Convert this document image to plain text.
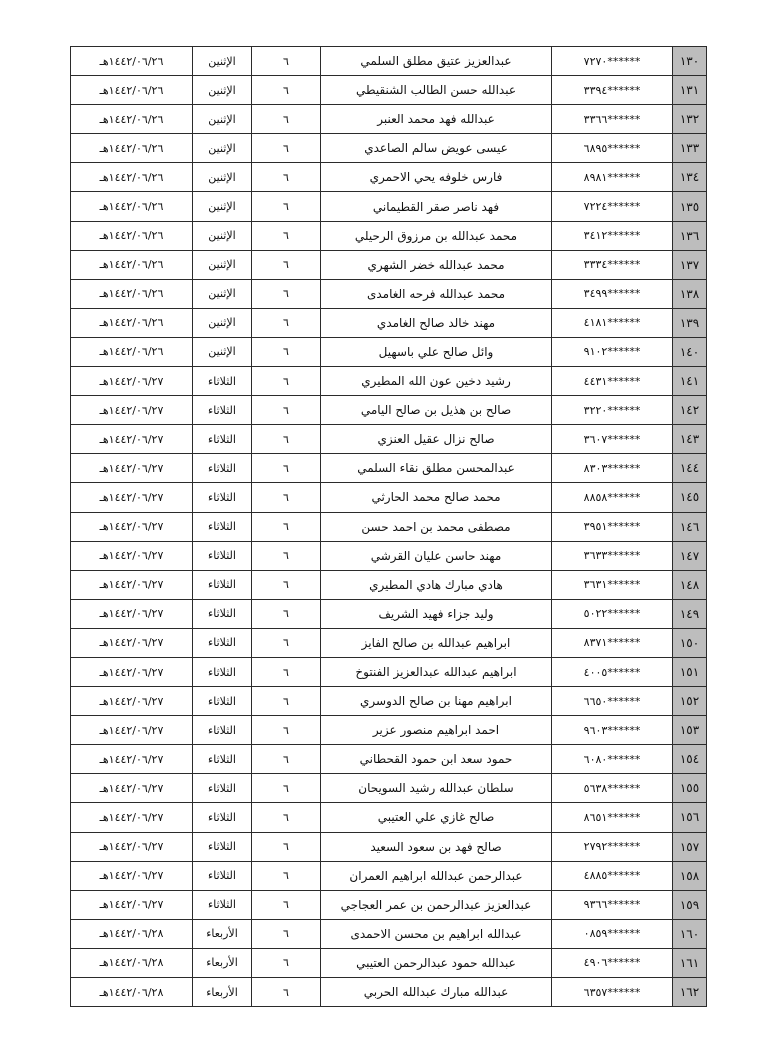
١٣٠	******٧٢٧٠	عبدالعزيز عتيق مطلق السلمي	٦	الإثنين	١٤٤٢/٠٦/٢٦هـ
١٣١	******٣٣٩٤	عبدالله حسن الطالب الشنقيطي	٦	الإثنين	١٤٤٢/٠٦/٢٦هـ
١٣٢	******٣٣٦٦	عبدالله فهد محمد العنبر	٦	الإثنين	١٤٤٢/٠٦/٢٦هـ
١٣٣	******٦٨٩٥	عيسى عويض سالم الصاعدي	٦	الإثنين	١٤٤٢/٠٦/٢٦هـ
١٣٤	******٨٩٨١	فارس خلوفه يحي الاحمري	٦	الإثنين	١٤٤٢/٠٦/٢٦هـ
١٣٥	******٧٢٢٤	فهد ناصر صقر القطيماني	٦	الإثنين	١٤٤٢/٠٦/٢٦هـ
١٣٦	******٣٤١٢	محمد عبدالله بن مرزوق الرحيلي	٦	الإثنين	١٤٤٢/٠٦/٢٦هـ
١٣٧	******٣٣٣٤	محمد عبدالله خضر الشهري	٦	الإثنين	١٤٤٢/٠٦/٢٦هـ
١٣٨	******٣٤٩٩	محمد عبدالله فرحه الغامدى	٦	الإثنين	١٤٤٢/٠٦/٢٦هـ
١٣٩	******٤١٨١	مهند خالد صالح الغامدي	٦	الإثنين	١٤٤٢/٠٦/٢٦هـ
١٤٠	******٩١٠٢	وائل صالح علي باسهيل	٦	الإثنين	١٤٤٢/٠٦/٢٦هـ
١٤١	******٤٤٣١	رشيد دخين عون الله المطيري	٦	الثلاثاء	١٤٤٢/٠٦/٢٧هـ
١٤٢	******٣٢٢٠	صالح بن هذيل بن صالح اليامي	٦	الثلاثاء	١٤٤٢/٠٦/٢٧هـ
١٤٣	******٣٦٠٧	صالح نزال عقيل العنزي	٦	الثلاثاء	١٤٤٢/٠٦/٢٧هـ
١٤٤	******٨٣٠٣	عبدالمحسن مطلق نقاء السلمي	٦	الثلاثاء	١٤٤٢/٠٦/٢٧هـ
١٤٥	******٨٨٥٨	محمد صالح محمد الحارثي	٦	الثلاثاء	١٤٤٢/٠٦/٢٧هـ
١٤٦	******٣٩٥١	مصطفى محمد بن احمد حسن	٦	الثلاثاء	١٤٤٢/٠٦/٢٧هـ
١٤٧	******٣٦٣٣	مهند حاسن عليان القرشي	٦	الثلاثاء	١٤٤٢/٠٦/٢٧هـ
١٤٨	******٣٦٣١	هادي مبارك هادي المطيري	٦	الثلاثاء	١٤٤٢/٠٦/٢٧هـ
١٤٩	******٥٠٢٢	وليد جزاء فهيد الشريف	٦	الثلاثاء	١٤٤٢/٠٦/٢٧هـ
١٥٠	******٨٣٧١	ابراهيم عبدالله بن صالح الفايز	٦	الثلاثاء	١٤٤٢/٠٦/٢٧هـ
١٥١	******٤٠٠٥	ابراهيم عبدالله عبدالعزيز الفنتوخ	٦	الثلاثاء	١٤٤٢/٠٦/٢٧هـ
١٥٢	******٦٦٥٠	ابراهيم مهنا بن صالح الدوسري	٦	الثلاثاء	١٤٤٢/٠٦/٢٧هـ
١٥٣	******٩٦٠٣	احمد ابراهيم منصور عزير	٦	الثلاثاء	١٤٤٢/٠٦/٢٧هـ
١٥٤	******٦٠٨٠	حمود سعد ابن حمود القحطاني	٦	الثلاثاء	١٤٤٢/٠٦/٢٧هـ
١٥٥	******٥٦٣٨	سلطان عبدالله رشيد السويحان	٦	الثلاثاء	١٤٤٢/٠٦/٢٧هـ
١٥٦	******٨٦٥١	صالح غازي علي العتيبي	٦	الثلاثاء	١٤٤٢/٠٦/٢٧هـ
١٥٧	******٢٧٩٢	صالح فهد بن سعود السعيد	٦	الثلاثاء	١٤٤٢/٠٦/٢٧هـ
١٥٨	******٤٨٨٥	عبدالرحمن عبدالله ابراهيم العمران	٦	الثلاثاء	١٤٤٢/٠٦/٢٧هـ
١٥٩	******٩٣٦٦	عبدالعزيز عبدالرحمن بن عمر العجاجي	٦	الثلاثاء	١٤٤٢/٠٦/٢٧هـ
١٦٠	******٠٨٥٩	عبدالله ابراهيم بن محسن الاحمدى	٦	الأربعاء	١٤٤٢/٠٦/٢٨هـ
١٦١	******٤٩٠٦	عبدالله حمود عبدالرحمن العتيبي	٦	الأربعاء	١٤٤٢/٠٦/٢٨هـ
١٦٢	******٦٣٥٧	عبدالله مبارك عبدالله الحربي	٦	الأربعاء	١٤٤٢/٠٦/٢٨هـ
